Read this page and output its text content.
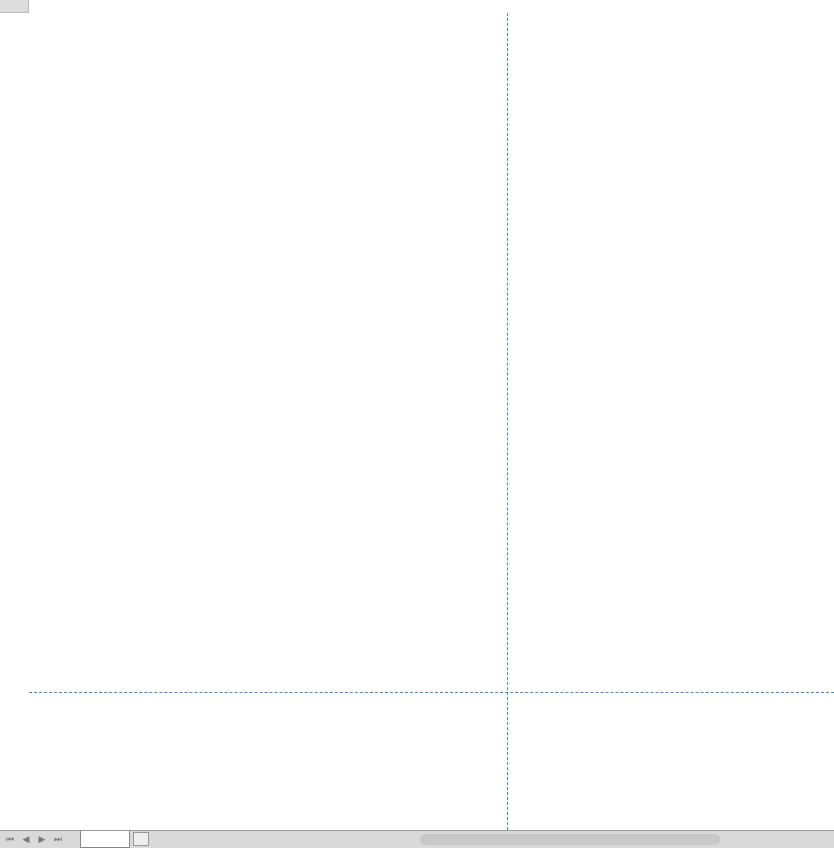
⏮ ◀ ▶ ⏭
